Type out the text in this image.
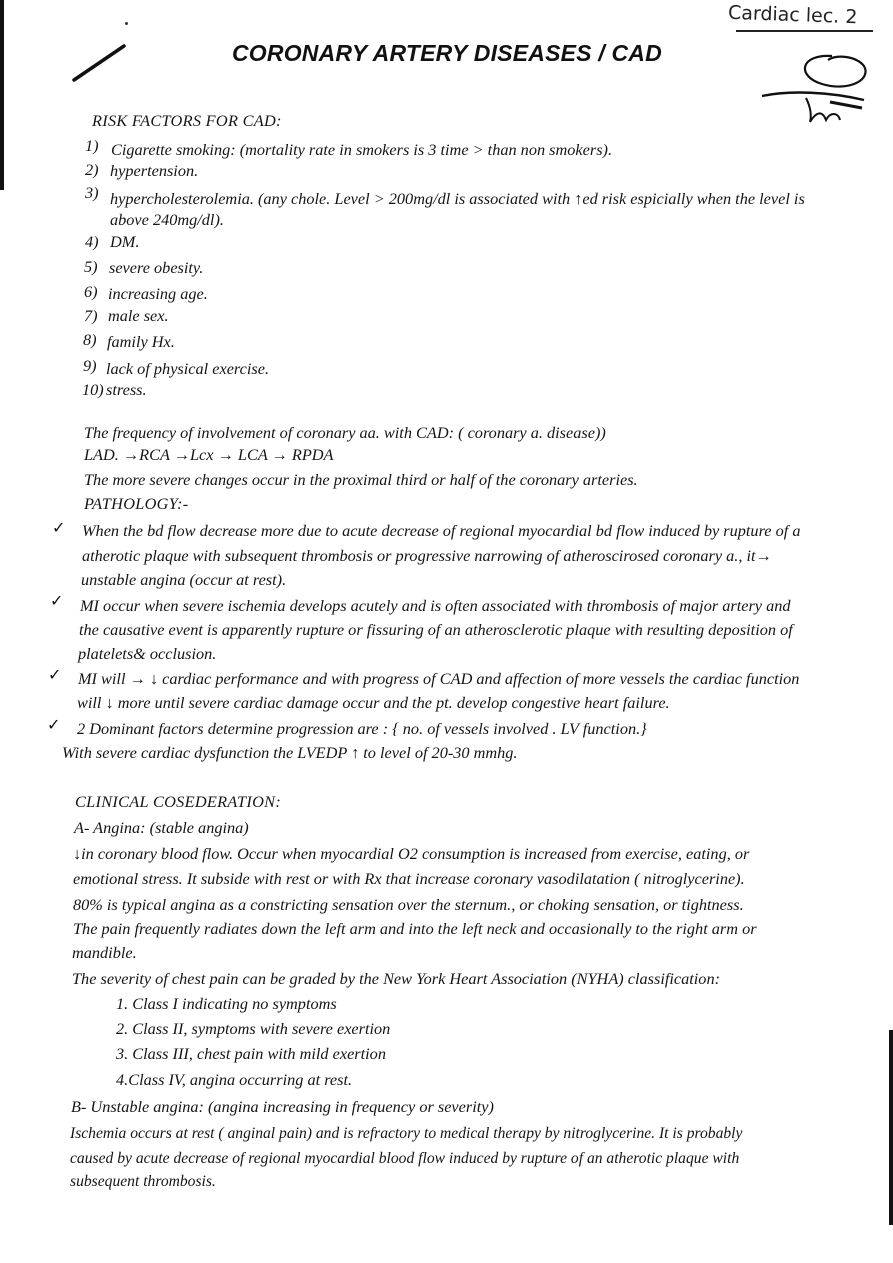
Cardiac lec. 2
CORONARY ARTERY DISEASES / CAD
RISK FACTORS FOR CAD:
1) Cigarette smoking: (mortality rate in smokers is 3 time > than non smokers).
2) hypertension.
3) hypercholesterolemia. (any chole. Level > 200mg/dl is associated with ↑ed risk espicially when the level is
above 240mg/dl).
4) DM.
5) severe obesity.
6) increasing age.
7) male sex.
8) family Hx.
9) lack of physical exercise.
10) stress.
The frequency of involvement of coronary aa. with CAD: ( coronary a. disease))
LAD. →RCA →Lcx → LCA → RPDA
The more severe changes occur in the proximal third or half of the coronary arteries.
PATHOLOGY:-
✓ When the bd flow decrease more due to acute decrease of regional myocardial bd flow induced by rupture of a
atherotic plaque with subsequent thrombosis or progressive narrowing of atheroscirosed coronary a., it→
unstable angina (occur at rest).
✓ MI occur when severe ischemia develops acutely and is often associated with thrombosis of major artery and
the causative event is apparently rupture or fissuring of an atherosclerotic plaque with resulting deposition of
platelets& occlusion.
✓ MI will → ↓ cardiac performance and with progress of CAD and affection of more vessels the cardiac function
will ↓ more until severe cardiac damage occur and the pt. develop congestive heart failure.
✓ 2 Dominant factors determine progression are : { no. of vessels involved . LV function.}
With severe cardiac dysfunction the LVEDP ↑ to level of 20-30 mmhg.
CLINICAL COSEDERATION:
A- Angina: (stable angina)
↓in coronary blood flow. Occur when myocardial O2 consumption is increased from exercise, eating, or
emotional stress. It subside with rest or with Rx that increase coronary vasodilatation ( nitroglycerine).
80% is typical angina as a constricting sensation over the sternum., or choking sensation, or tightness.
The pain frequently radiates down the left arm and into the left neck and occasionally to the right arm or
mandible.
The severity of chest pain can be graded by the New York Heart Association (NYHA) classification:
1. Class I indicating no symptoms
2. Class II, symptoms with severe exertion
3. Class III, chest pain with mild exertion
4.Class IV, angina occurring at rest.
B- Unstable angina: (angina increasing in frequency or severity)
Ischemia occurs at rest ( anginal pain) and is refractory to medical therapy by nitroglycerine. It is probably
caused by acute decrease of regional myocardial blood flow induced by rupture of an atherotic plaque with
subsequent thrombosis.
